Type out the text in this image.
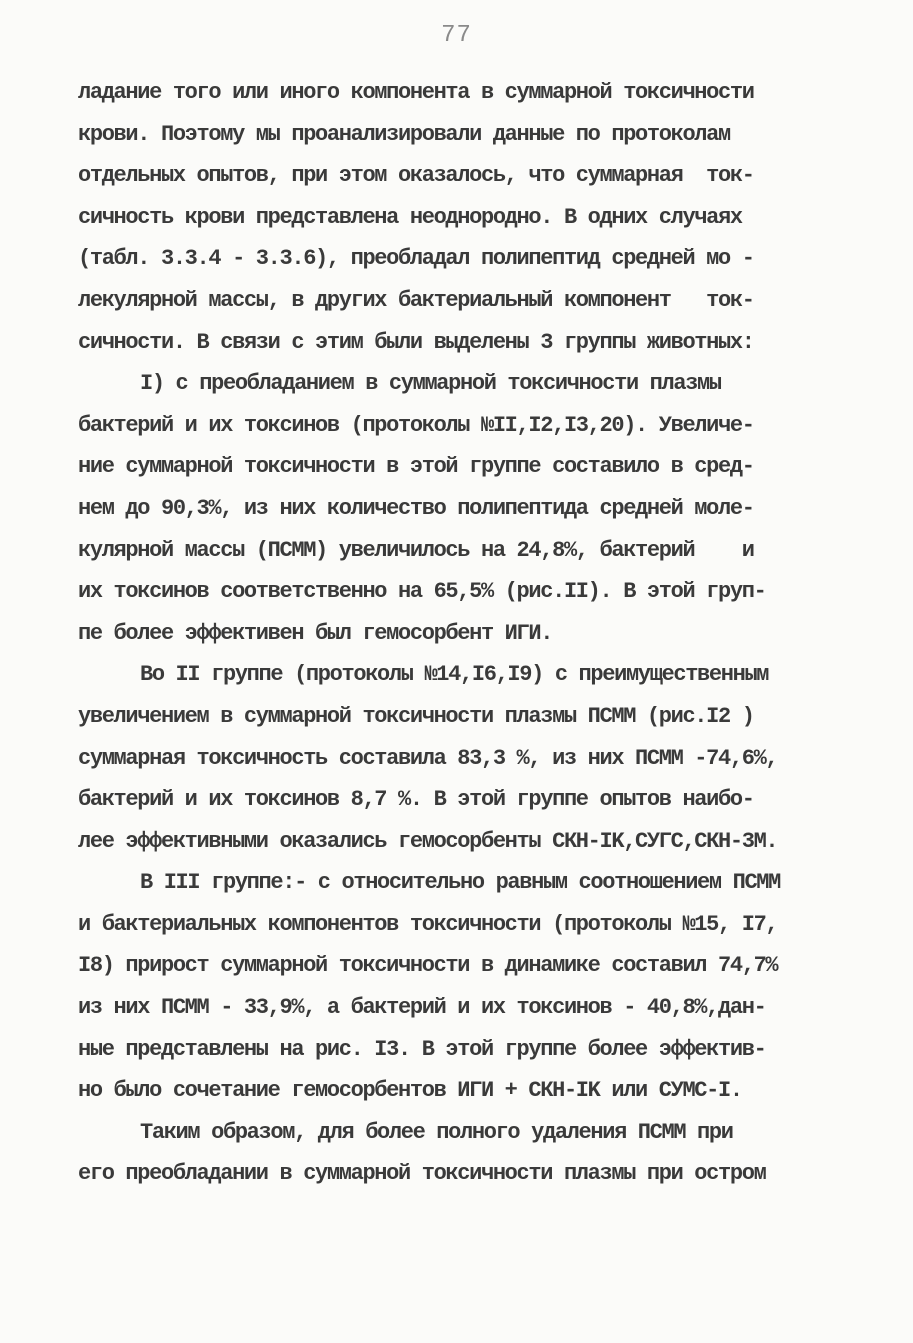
77
ладание того или иного компонента в суммарной токсичности
крови. Поэтому мы проанализировали данные по протоколам
отдельных опытов, при этом оказалось, что суммарная  ток-
сичность крови представлена неоднородно. В одних случаях
(табл. 3.3.4 - 3.3.6), преобладал полипептид средней мо -
лекулярной массы, в других бактериальный компонент   ток-
сичности. В связи с этим были выделены 3 группы животных:
I) с преобладанием в суммарной токсичности плазмы
бактерий и их токсинов (протоколы №II,I2,I3,20). Увеличе-
ние суммарной токсичности в этой группе составило в сред-
нем до 90,3%, из них количество полипептида средней моле-
кулярной массы (ПСММ) увеличилось на 24,8%, бактерий    и
их токсинов соответственно на 65,5% (рис.II). В этой груп-
пе более эффективен был гемосорбент ИГИ.
Во II группе (протоколы №14,I6,I9) с преимущественным
увеличением в суммарной токсичности плазмы ПСММ (рис.I2 )
суммарная токсичность составила 83,3 %, из них ПСММ -74,6%,
бактерий и их токсинов 8,7 %. В этой группе опытов наибо-
лее эффективными оказались гемосорбенты СКН-IK,СУГС,СКН-3М.
В III группе:- с относительно равным соотношением ПСММ
и бактериальных компонентов токсичности (протоколы №15, I7,
I8) прирост суммарной токсичности в динамике составил 74,7%
из них ПСММ - 33,9%, а бактерий и их токсинов - 40,8%,дан-
ные представлены на рис. I3. В этой группе более эффектив-
но было сочетание гемосорбентов ИГИ + СКН-IK или СУМС-I.
Таким образом, для более полного удаления ПСММ при
его преобладании в суммарной токсичности плазмы при остром
